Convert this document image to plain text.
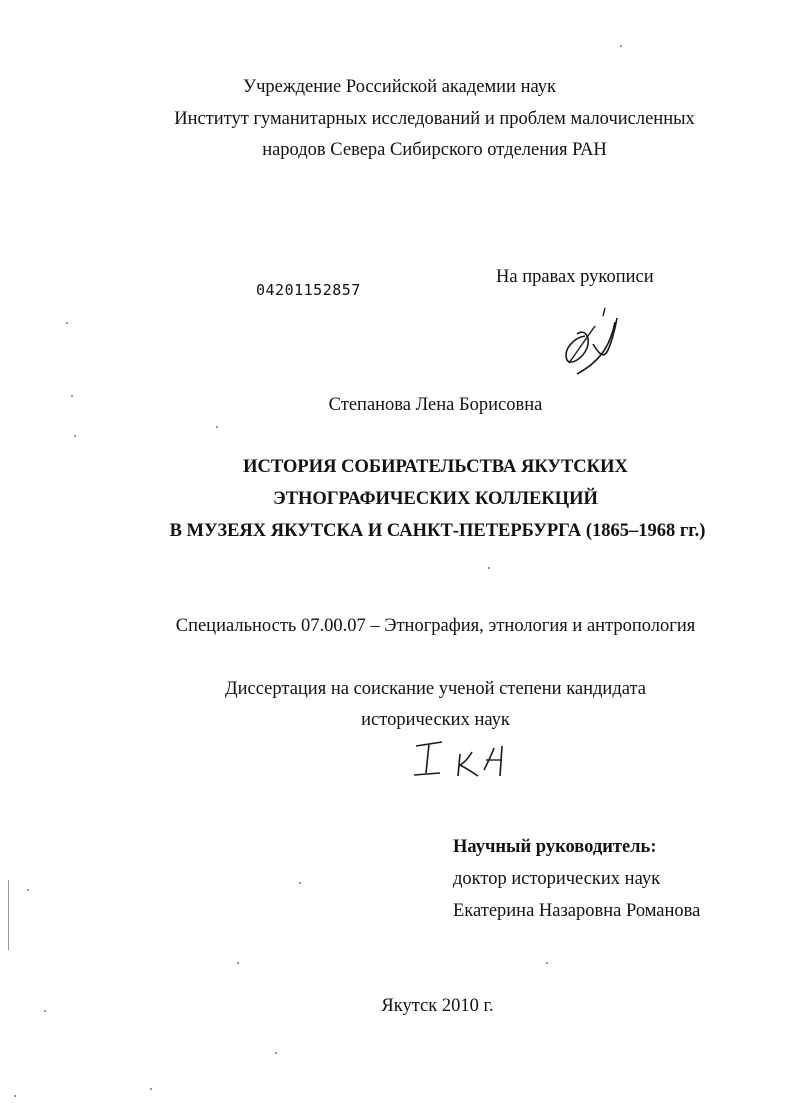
Учреждение Российской академии наук
Институт гуманитарных исследований и проблем малочисленных
народов Севера Сибирского отделения РАН
04201152857
На правах рукописи
Степанова Лена Борисовна
ИСТОРИЯ СОБИРАТЕЛЬСТВА ЯКУТСКИХ
ЭТНОГРАФИЧЕСКИХ КОЛЛЕКЦИЙ
В МУЗЕЯХ ЯКУТСКА И САНКТ-ПЕТЕРБУРГА (1865–1968 гг.)
Специальность 07.00.07 – Этнография, этнология и антропология
Диссертация на соискание ученой степени кандидата
исторических наук
Научный руководитель:
доктор исторических наук
Екатерина Назаровна Романова
Якутск 2010 г.
